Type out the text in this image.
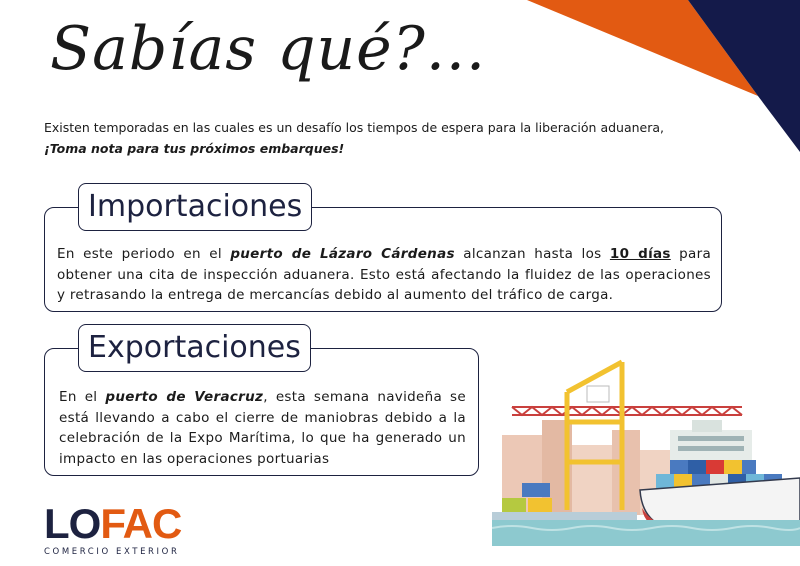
Sabías qué?...
Existen temporadas en las cuales es un desafío los tiempos de espera para la liberación aduanera,
¡Toma nota para tus próximos embarques!
Importaciones
En este periodo en el puerto de Lázaro Cárdenas alcanzan hasta los 10 días para obtener una cita de inspección aduanera. Esto está afectando la fluidez de las operaciones y retrasando la entrega de mercancías debido al aumento del tráfico de carga.
Exportaciones
En el puerto de Veracruz, esta semana navideña se está llevando a cabo el cierre de maniobras debido a la celebración de la Expo Marítima, lo que ha generado un impacto en las operaciones portuarias
LOFAC
COMERCIO EXTERIOR
